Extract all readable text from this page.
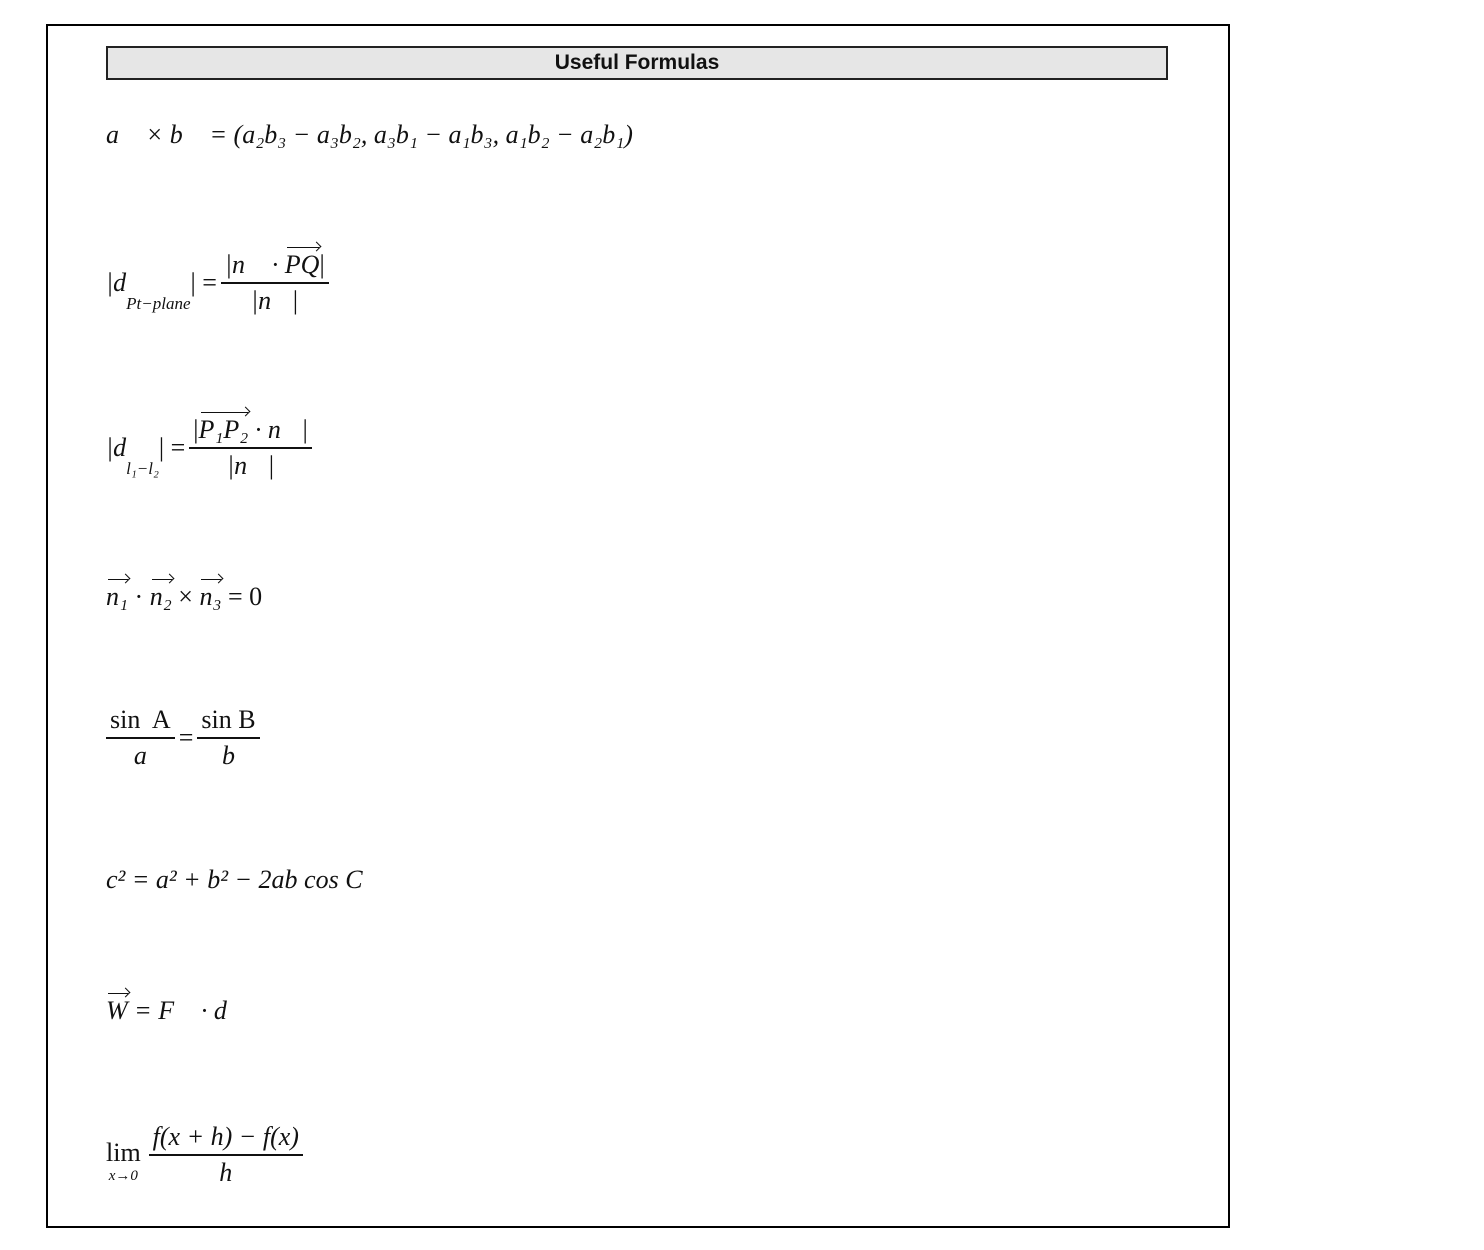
Useful Formulas
a⃗ × b⃗ = (a₂b₃ − a₃b₂, a₃b₁ − a₁b₃, a₁b₂ − a₂b₁)
|d
Pt−plane
| = $\frac{|n⃗ \cdot PQ|}{|n⃗|}$
|d
l₁−l₂
| = $\frac{\text{|P₁P₂ · n⃗|}}{|n⃗|}$
n₁ · n₂ × n₃ = 0
$\frac{\text{sin  A}}{a} = \frac{\text{sin B}}{b}$
c² = a² + b² − 2ab cos C
W = F⃗ · d⃗
lim
$x\to 0 \frac{f(x + h) - f(x)}{h}$
